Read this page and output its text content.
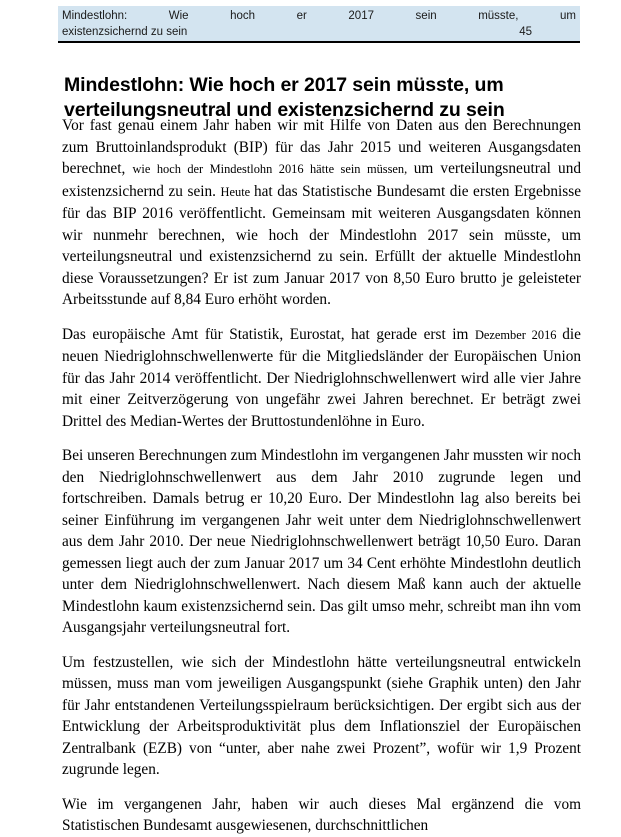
Mindestlohn: Wie hoch er 2017 sein müsste, um
existenzsichernd zu sein	45
Mindestlohn: Wie hoch er 2017 sein müsste, um verteilungsneutral und existenzsichernd zu sein

Vor fast genau einem Jahr haben wir mit Hilfe von Daten aus den Berechnungen zum Bruttoinlandsprodukt (BIP) für das Jahr 2015 und weiteren Ausgangsdaten berechnet, wie hoch der Mindestlohn 2016 hätte sein müssen, um verteilungsneutral und existenzsichernd zu sein. Heute hat das Statistische Bundesamt die ersten Ergebnisse für das BIP 2016 veröffentlicht. Gemeinsam mit weiteren Ausgangsdaten können wir nunmehr berechnen, wie hoch der Mindestlohn 2017 sein müsste, um verteilungsneutral und existenzsichernd zu sein. Erfüllt der aktuelle Mindestlohn diese Voraussetzungen? Er ist zum Januar 2017 von 8,50 Euro brutto je geleisteter Arbeitsstunde auf 8,84 Euro erhöht worden.

Das europäische Amt für Statistik, Eurostat, hat gerade erst im Dezember 2016 die neuen Niedriglohnschwellenwerte für die Mitgliedsländer der Europäischen Union für das Jahr 2014 veröffentlicht. Der Niedriglohnschwellenwert wird alle vier Jahre mit einer Zeitverzögerung von ungefähr zwei Jahren berechnet. Er beträgt zwei Drittel des Median-Wertes der Bruttostundenlöhne in Euro.

Bei unseren Berechnungen zum Mindestlohn im vergangenen Jahr mussten wir noch den Niedriglohnschwellenwert aus dem Jahr 2010 zugrunde legen und fortschreiben. Damals betrug er 10,20 Euro. Der Mindestlohn lag also bereits bei seiner Einführung im vergangenen Jahr weit unter dem Niedriglohnschwellenwert aus dem Jahr 2010. Der neue Niedriglohnschwellenwert beträgt 10,50 Euro. Daran gemessen liegt auch der zum Januar 2017 um 34 Cent erhöhte Mindestlohn deutlich unter dem Niedriglohnschwellenwert. Nach diesem Maß kann auch der aktuelle Mindestlohn kaum existenzsichernd sein. Das gilt umso mehr, schreibt man ihn vom Ausgangsjahr verteilungsneutral fort.

Um festzustellen, wie sich der Mindestlohn hätte verteilungsneutral entwickeln müssen, muss man vom jeweiligen Ausgangspunkt (siehe Graphik unten) den Jahr für Jahr entstandenen Verteilungsspielraum berücksichtigen. Der ergibt sich aus der Entwicklung der Arbeitsproduktivität plus dem Inflationsziel der Europäischen Zentralbank (EZB) von “unter, aber nahe zwei Prozent”, wofür wir 1,9 Prozent zugrunde legen.

Wie im vergangenen Jahr, haben wir auch dieses Mal ergänzend die vom Statistischen Bundesamt ausgewiesenen, durchschnittlichen
